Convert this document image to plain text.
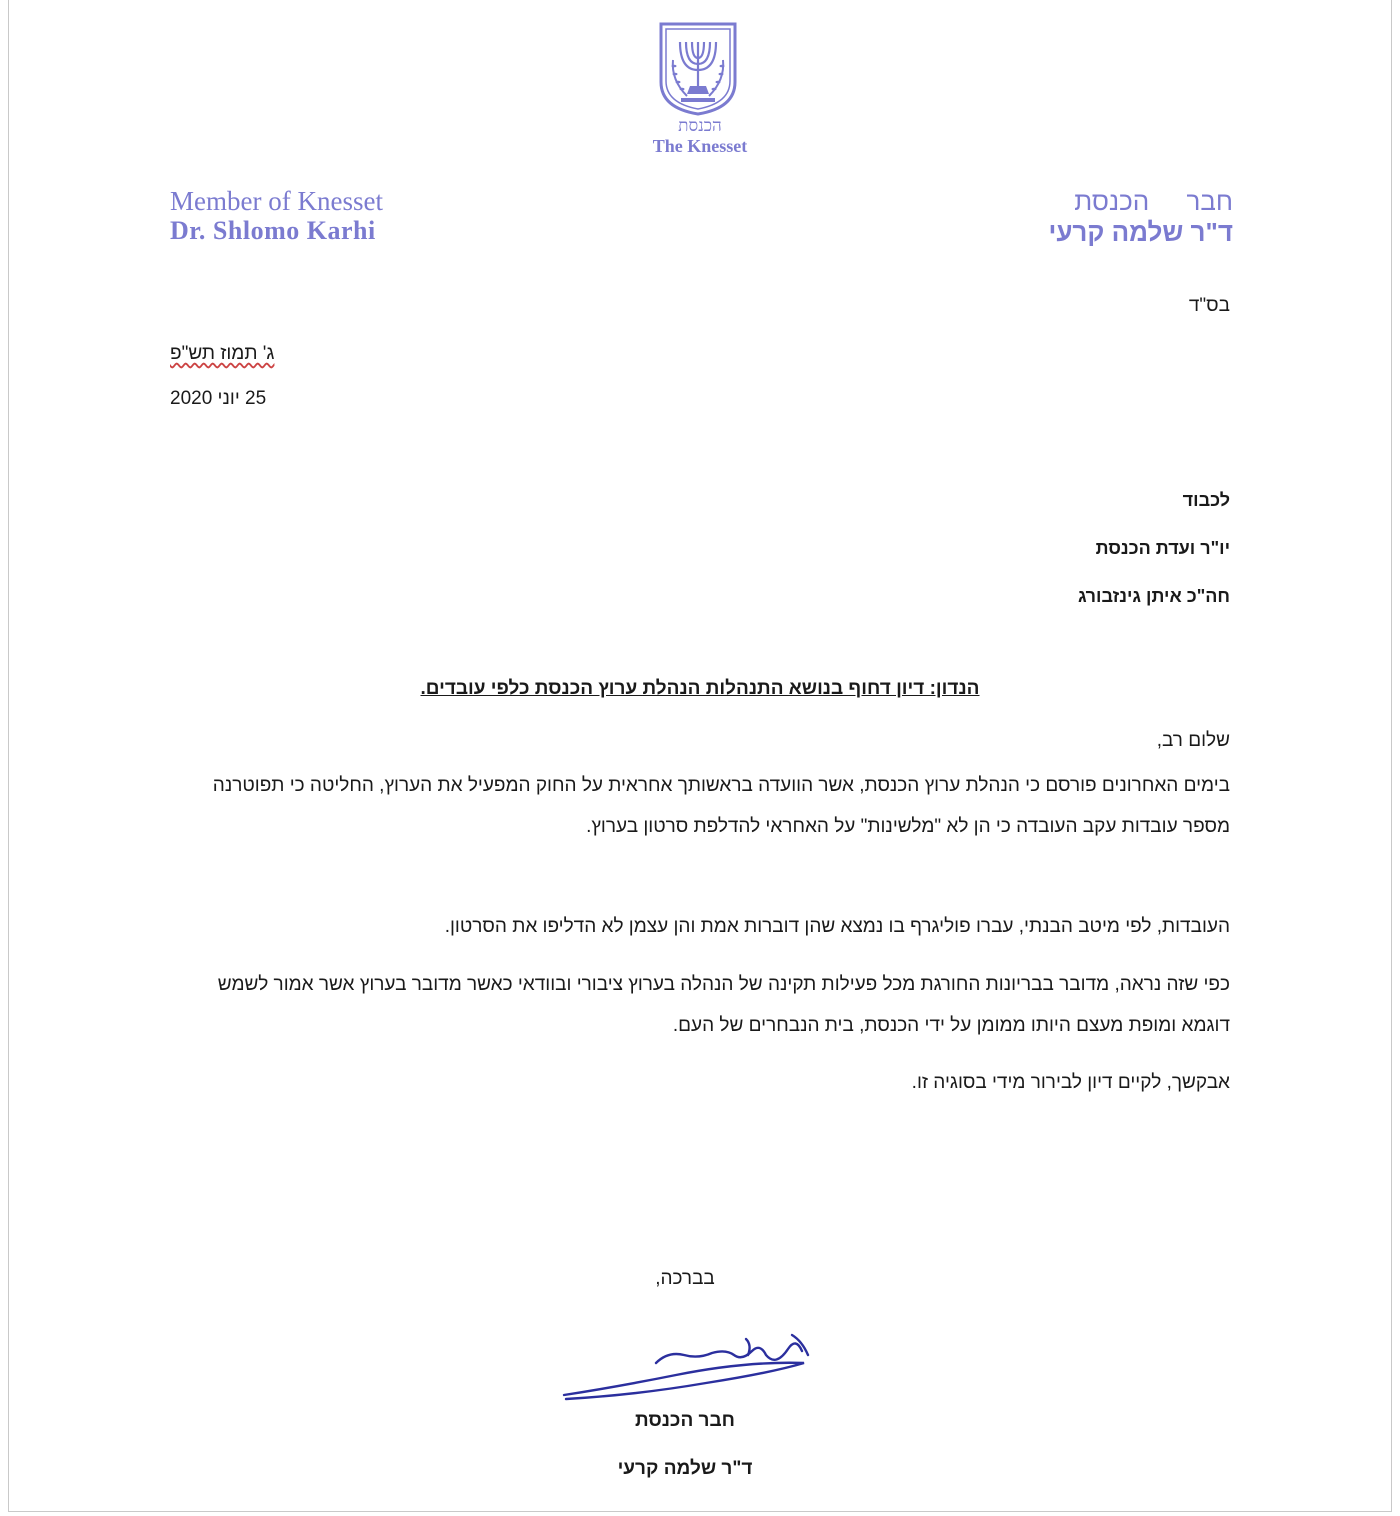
הכנסת
The Knesset
Member of Knesset
Dr. Shlomo Karhi
חבר הכנסת
ד"ר שלמה קרעי
בס"ד
ג' תמוז תש"פ
25 יוני 2020
לכבוד
יו"ר ועדת הכנסת
חה"כ איתן גינזבורג
הנדון: דיון דחוף בנושא התנהלות הנהלת ערוץ הכנסת כלפי עובדים.
שלום רב,
בימים האחרונים פורסם כי הנהלת ערוץ הכנסת, אשר הוועדה בראשותך אחראית על החוק המפעיל את הערוץ, החליטה כי תפוטרנה מספר עובדות עקב העובדה כי הן לא "מלשינות" על האחראי להדלפת סרטון בערוץ.
העובדות, לפי מיטב הבנתי, עברו פוליגרף בו נמצא שהן דוברות אמת והן עצמן לא הדליפו את הסרטון.
כפי שזה נראה, מדובר בבריונות החורגת מכל פעילות תקינה של הנהלה בערוץ ציבורי ובוודאי כאשר מדובר בערוץ אשר אמור לשמש דוגמא ומופת מעצם היותו ממומן על ידי הכנסת, בית הנבחרים של העם.
אבקשך, לקיים דיון לבירור מידי בסוגיה זו.
בברכה,
חבר הכנסת
ד"ר שלמה קרעי
